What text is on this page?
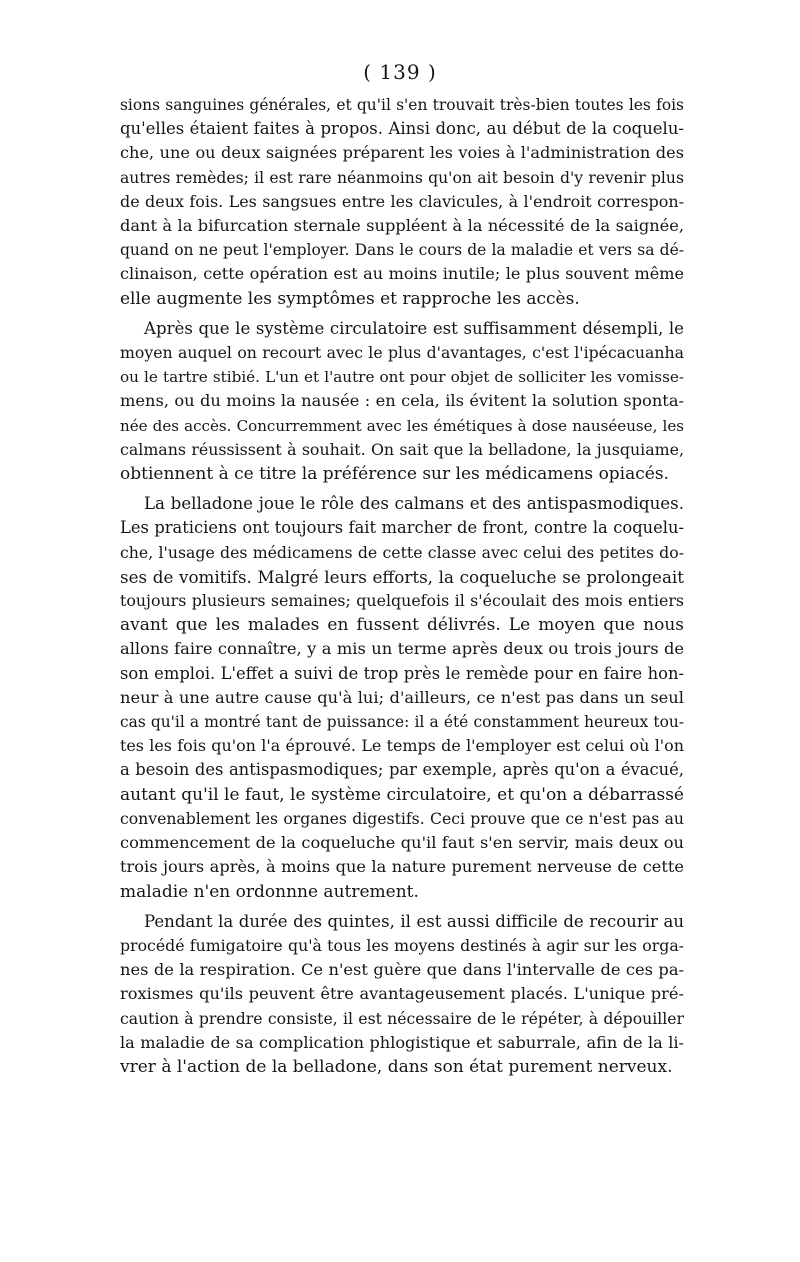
( 139 )
sions sanguines générales, et qu'il s'en trouvait très-bien toutes les fois
qu'elles étaient faites à propos. Ainsi donc, au début de la coquelu-
che, une ou deux saignées préparent les voies à l'administration des
autres remèdes; il est rare néanmoins qu'on ait besoin d'y revenir plus
de deux fois. Les sangsues entre les clavicules, à l'endroit correspon-
dant à la bifurcation sternale suppléent à la nécessité de la saignée,
quand on ne peut l'employer. Dans le cours de la maladie et vers sa dé-
clinaison, cette opération est au moins inutile; le plus souvent même
elle augmente les symptômes et rapproche les accès.
Après que le système circulatoire est suffisamment désempli, le
moyen auquel on recourt avec le plus d'avantages, c'est l'ipécacuanha
ou le tartre stibié. L'un et l'autre ont pour objet de solliciter les vomisse-
mens, ou du moins la nausée : en cela, ils évitent la solution sponta-
née des accès. Concurremment avec les émétiques à dose nauséeuse, les
calmans réussissent à souhait. On sait que la belladone, la jusquiame,
obtiennent à ce titre la préférence sur les médicamens opiacés.
La belladone joue le rôle des calmans et des antispasmodiques.
Les praticiens ont toujours fait marcher de front, contre la coquelu-
che, l'usage des médicamens de cette classe avec celui des petites do-
ses de vomitifs. Malgré leurs efforts, la coqueluche se prolongeait
toujours plusieurs semaines; quelquefois il s'écoulait des mois entiers
avant que les malades en fussent délivrés. Le moyen que nous
allons faire connaître, y a mis un terme après deux ou trois jours de
son emploi. L'effet a suivi de trop près le remède pour en faire hon-
neur à une autre cause qu'à lui; d'ailleurs, ce n'est pas dans un seul
cas qu'il a montré tant de puissance: il a été constamment heureux tou-
tes les fois qu'on l'a éprouvé. Le temps de l'employer est celui où l'on
a besoin des antispasmodiques; par exemple, après qu'on a évacué,
autant qu'il le faut, le système circulatoire, et qu'on a débarrassé
convenablement les organes digestifs. Ceci prouve que ce n'est pas au
commencement de la coqueluche qu'il faut s'en servir, mais deux ou
trois jours après, à moins que la nature purement nerveuse de cette
maladie n'en ordonnne autrement.
Pendant la durée des quintes, il est aussi difficile de recourir au
procédé fumigatoire qu'à tous les moyens destinés à agir sur les orga-
nes de la respiration. Ce n'est guère que dans l'intervalle de ces pa-
roxismes qu'ils peuvent être avantageusement placés. L'unique pré-
caution à prendre consiste, il est nécessaire de le répéter, à dépouiller
la maladie de sa complication phlogistique et saburrale, afin de la li-
vrer à l'action de la belladone, dans son état purement nerveux.
